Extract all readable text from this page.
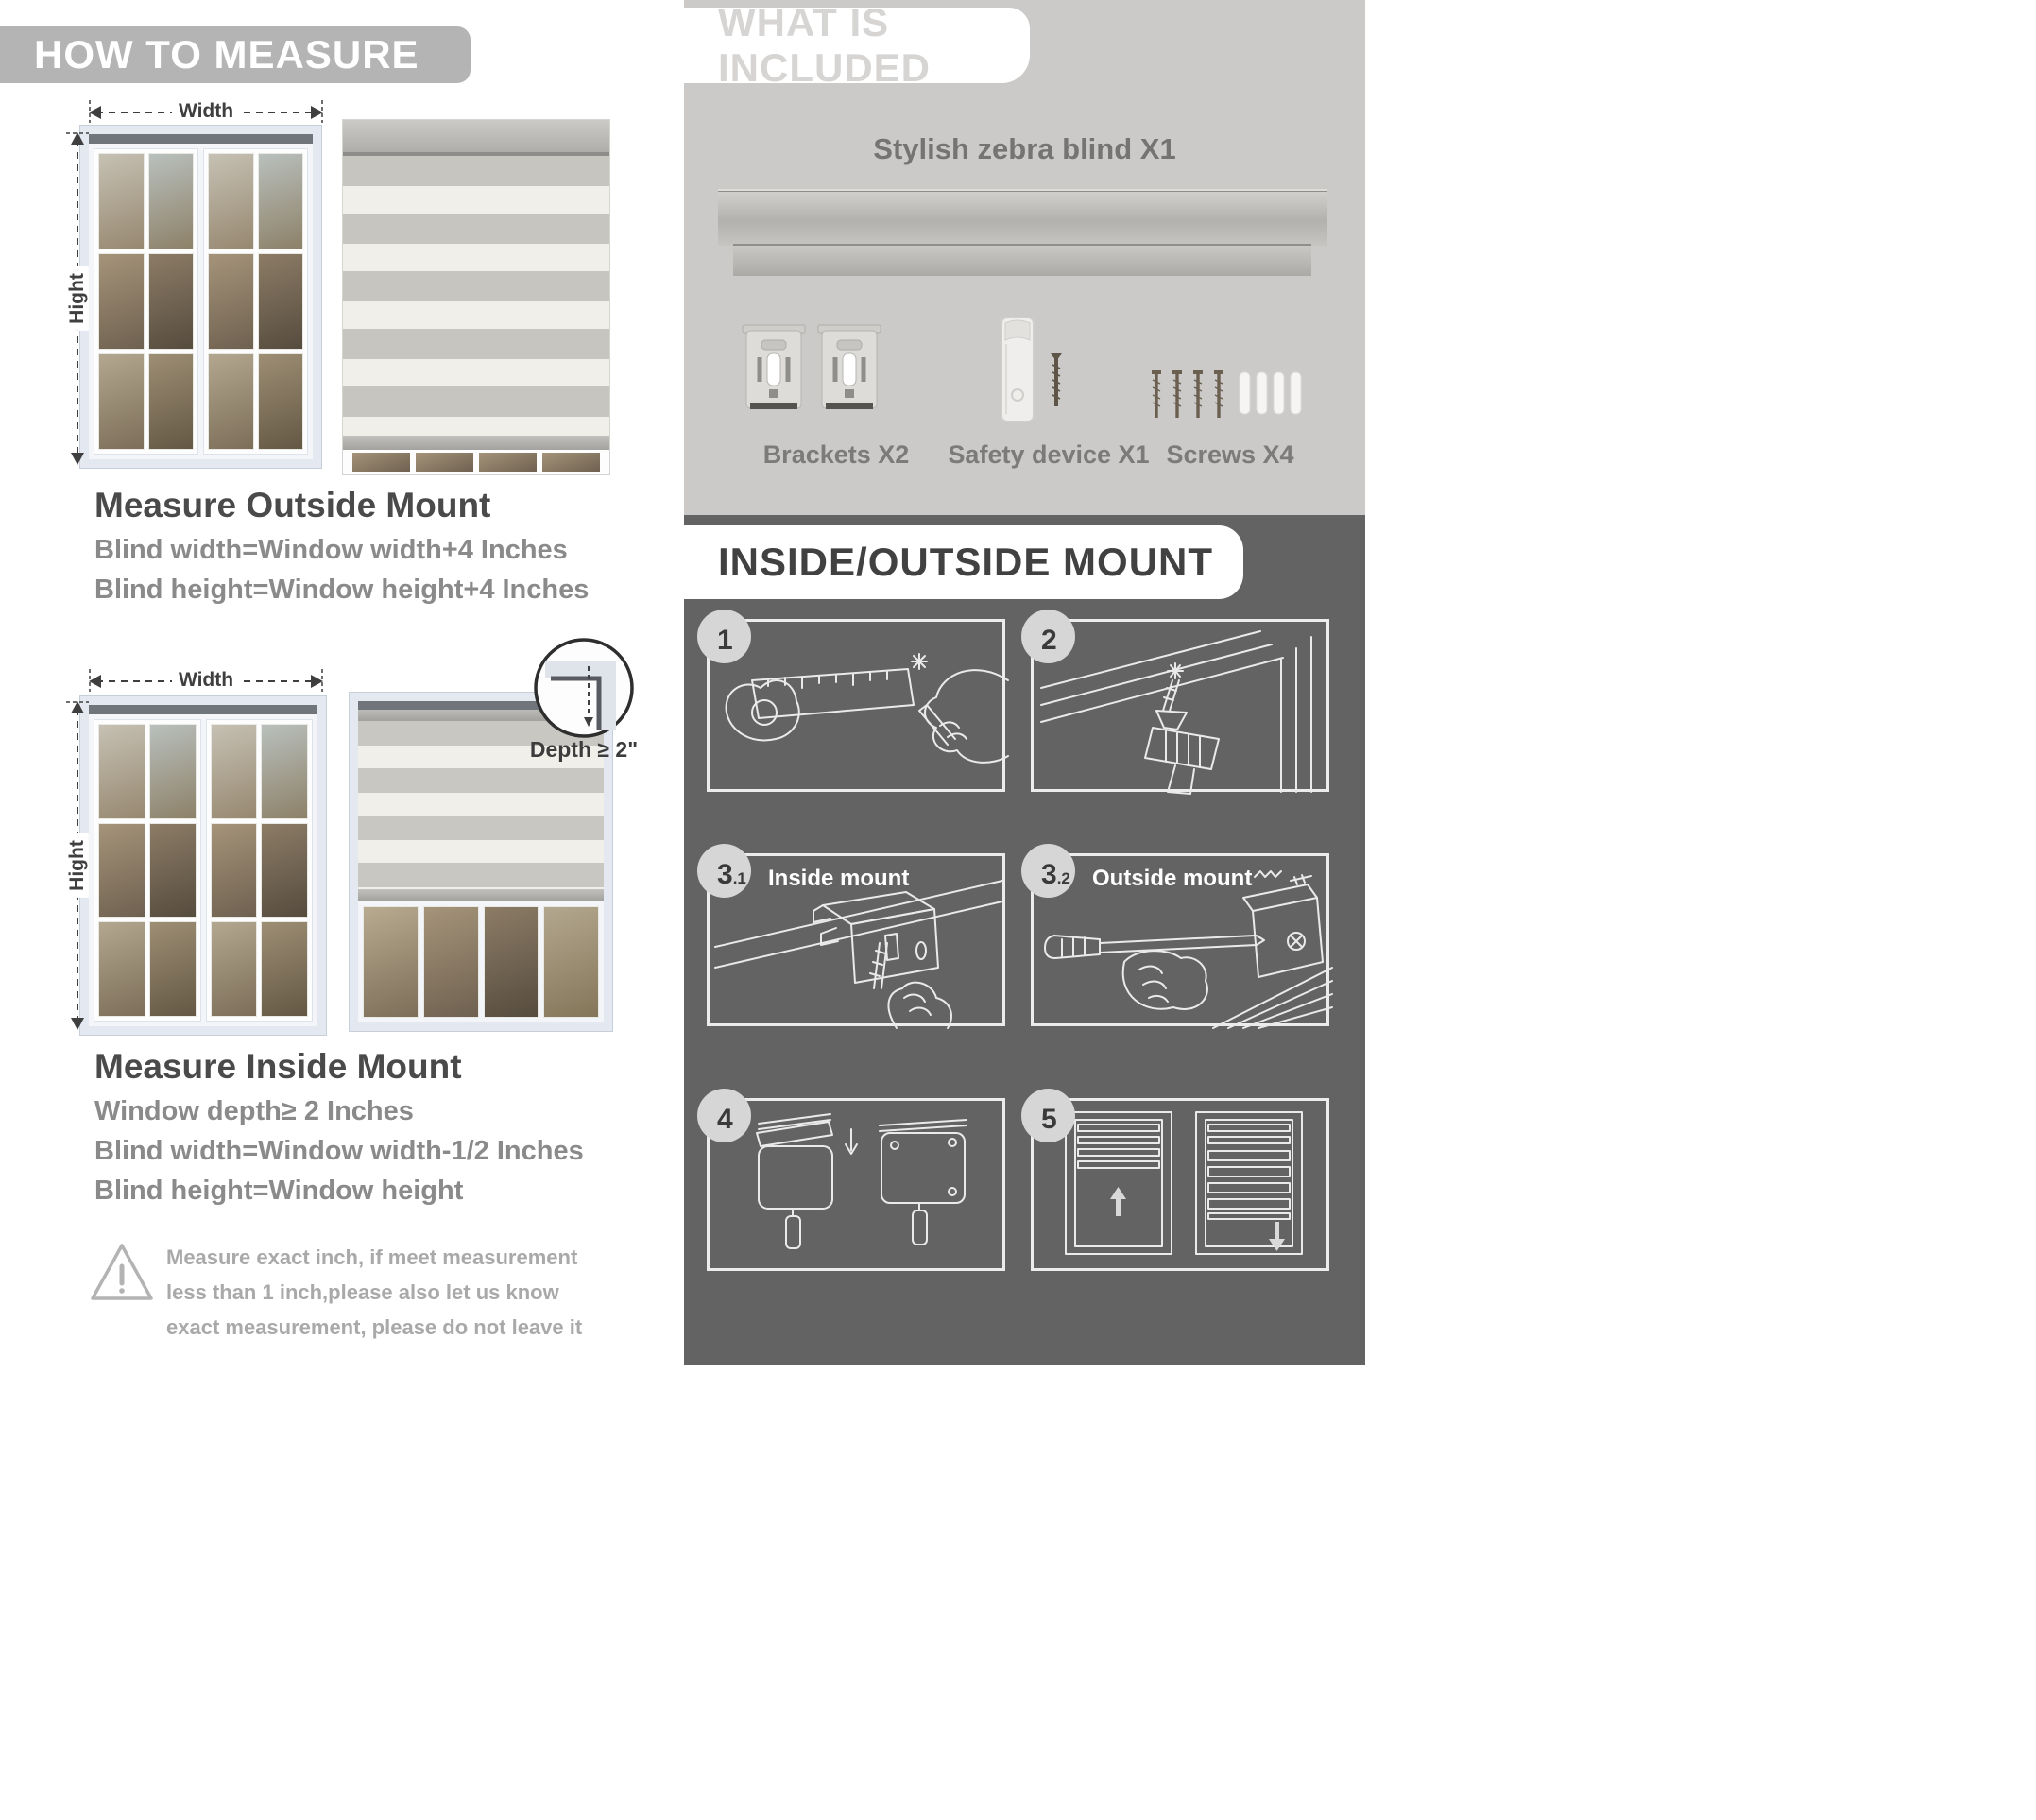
HOW TO MEASURE
Width
Hight
Measure Outside Mount
Blind width=Window width+4 Inches
Blind height=Window height+4 Inches
Width
Hight
Depth ≥ 2"
Measure Inside Mount
Window depth≥ 2 Inches
Blind width=Window width-1/2 Inches
Blind height=Window height
Measure exact inch, if meet measurement less than 1 inch,please also let us know exact measurement, please do not leave it
WHAT IS INCLUDED
Stylish zebra blind X1
Brackets X2	Safety device X1 Screws X4
INSIDE/OUTSIDE MOUNT
1
Mark install loca- tions
2
Punch at  marked position
3.1 Inside mount
Drill holes &  Inside bracket
3.2 Outside mount
Drill holes &  Inside bracket
4
Install the blind
5
Finish
